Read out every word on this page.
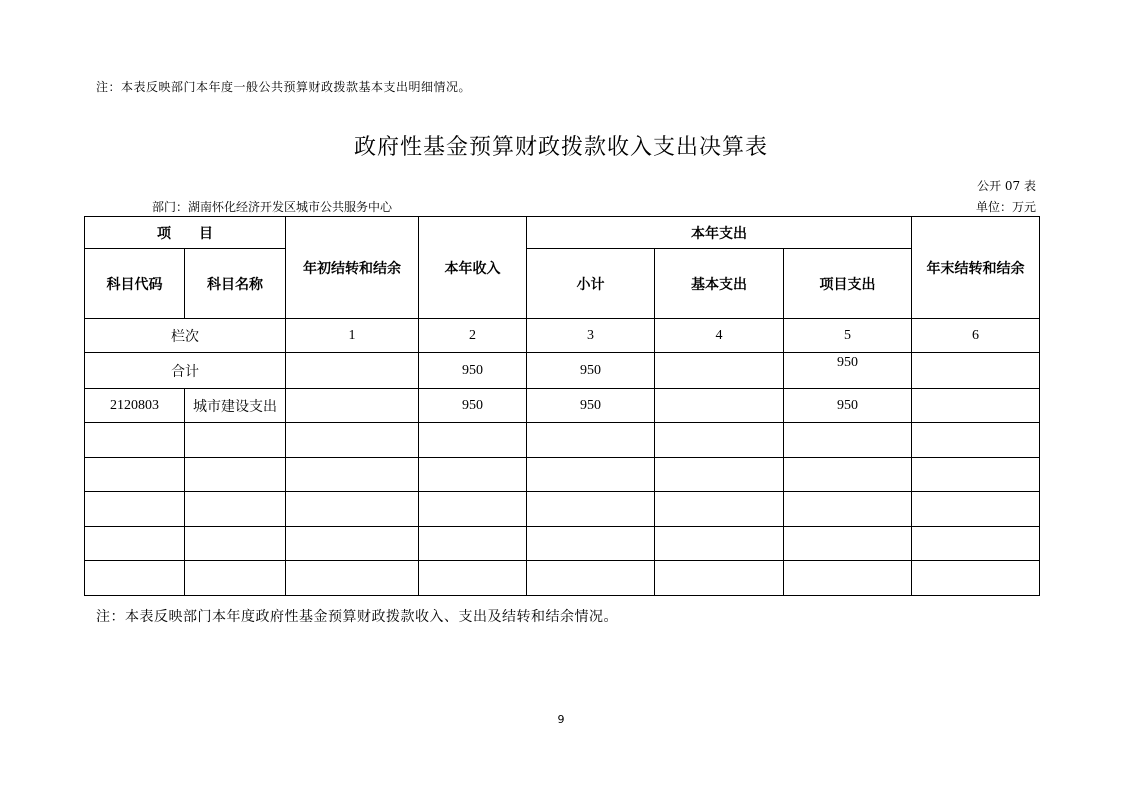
注：本表反映部门本年度一般公共预算财政拨款基本支出明细情况。
政府性基金预算财政拨款收入支出决算表
公开 07 表
部门：湖南怀化经济开发区城市公共服务中心	单位：万元
项　　目		年初结转和结余	本年收入	本年支出			年末结转和结余
科目代码	科目名称			小计	基本支出	项目支出	
栏次		1	2	3	4	5	6
合计			950	950		950	
2120803	城市建设支出		950	950		950	

注：本表反映部门本年度政府性基金预算财政拨款收入、支出及结转和结余情况。
9
